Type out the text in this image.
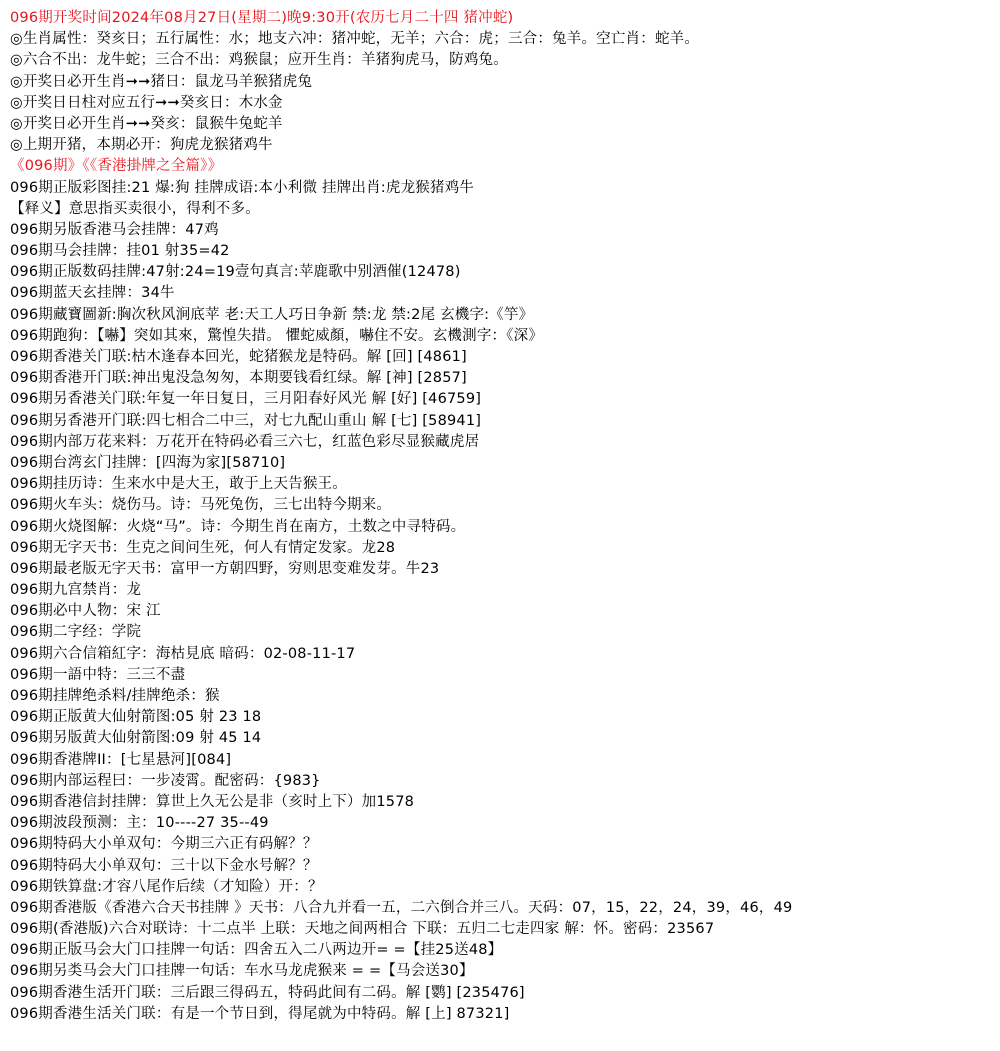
096期开奖时间2024年08月27日(星期二)晚9:30开(农历七月二十四 猪冲蛇)
◎生肖属性：癸亥日；五行属性：水；地支六冲：猪冲蛇，无羊；六合：虎；三合：兔羊。空亡肖：蛇羊。
◎六合不出：龙牛蛇；三合不出：鸡猴鼠；应开生肖：羊猪狗虎马，防鸡兔。
◎开奖日必开生肖➞➞猪日：鼠龙马羊猴猪虎兔
◎开奖日日柱对应五行➞➞癸亥日：木水金
◎开奖日必开生肖➞➞癸亥：鼠猴牛兔蛇羊
◎上期开猪，本期必开：狗虎龙猴猪鸡牛
《096期》《《香港掛牌之全篇》》
096期正版彩图挂:21 爆:狗 挂牌成语:本小利微 挂牌出肖:虎龙猴猪鸡牛
【释义】意思指买卖很小，得利不多。
096期另版香港马会挂牌：47鸡
096期马会挂牌：挂01 射35=42
096期正版数码挂牌:47射:24=19壹句真言:苹鹿歌中别酒催(12478)
096期蓝天玄挂牌：34牛
096期藏寶圖新:胸次秋风涧底苹 老:天工人巧日争新 禁:龙 禁:2尾 玄機字:《竽》
096期跑狗：【嚇】突如其來，驚惶失措。 懼蛇威顏，嚇住不安。玄機測字：《深》
096期香港关门联:枯木逢春本回光，蛇猪猴龙是特码。解 [回] [4861]
096期香港开门联:神出鬼没急匆匆，本期要钱看红绿。解 [神] [2857]
096期另香港关门联:年复一年日复日，三月阳春好风光 解 [好] [46759]
096期另香港开门联:四七相合二中三，对七九配山重山 解 [七] [58941]
096期内部万花来料：万花开在特码必看三六七，红蓝色彩尽显猴藏虎居
096期台湾玄门挂牌：[四海为家][58710]
096期挂历诗：生来水中是大王，敢于上天告猴王。
096期火车头：烧伤马。诗：马死兔伤，三七出特今期来。
096期火烧图解：火烧“马”。诗：今期生肖在南方，土数之中寻特码。
096期无字天书：生克之间问生死，何人有情定发家。龙28
096期最老版无字天书：富甲一方朝四野，穷则思变难发芽。牛23
096期九宫禁肖：龙
096期必中人物：宋 江
096期二字经：学院
096期六合信箱紅字：海枯見底 暗码：02-08-11-17
096期一語中特：三三不盡
096期挂牌绝杀料/挂牌绝杀：猴
096期正版黄大仙射箭图:05 射 23 18
096期另版黄大仙射箭图:09 射 45 14
096期香港牌II：[七星悬河][084]
096期内部运程曰：一步凌霄。配密码：{983}
096期香港信封挂牌：算世上久无公是非（亥时上下）加1578
096期波段预测：主：10----27 35--49
096期特码大小单双句：今期三六正有码解？？
096期特码大小单双句：三十以下金水号解？？
096期铁算盘:才容八尾作后续（才知险）开：？
096期香港版《香港六合天书挂牌 》天书：八合九并看一五，二六倒合并三八。天码：07，15，22，24，39，46，49
096期(香港版)六合对联诗：十二点半 上联：天地之间两相合 下联：五归二七走四家 解：怀。密码：23567
096期正版马会大门口挂牌一句话：四舍五入二八两边开= =【挂25送48】
096期另类马会大门口挂牌一句话：车水马龙虎猴来 = =【马会送30】
096期香港生活开门联：三后跟三得码五，特码此间有二码。解 [鹦] [235476]
096期香港生活关门联：有是一个节日到，得尾就为中特码。解 [上] 87321]
